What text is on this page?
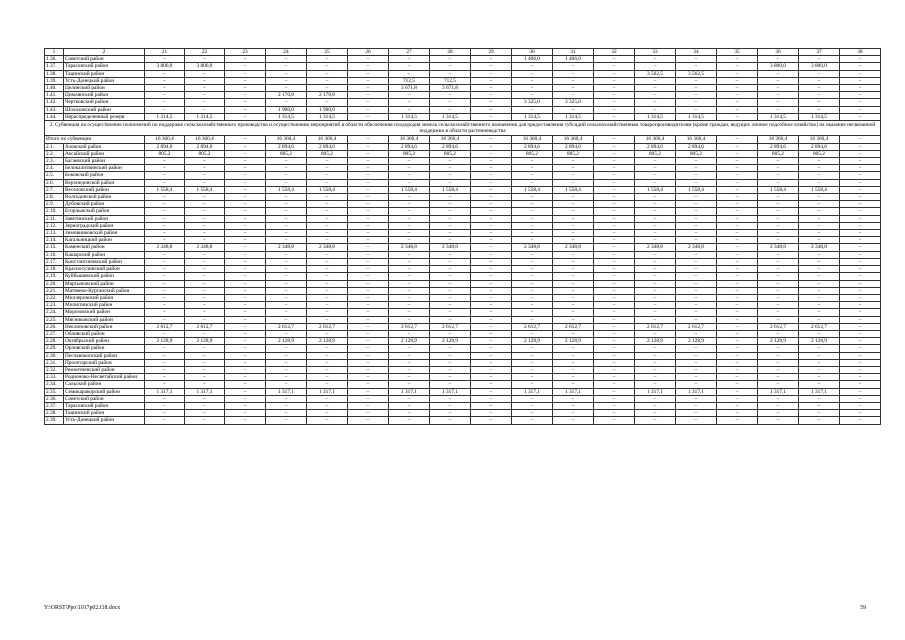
1	2	21	22	23	24	25	26	27	28	29	30	31	32	33	34	35	36	37	38
1.36.	Советский район	–	–	–	–	–	–	–	–	–	1 406,0	1 406,0	–	–	–	–	–	–	–
1.37.	Тарасовский район	3 800,0	3 800,0	–	–	–	–	–	–	–	–	–	–	–	–	–	3 800,0	3 800,0	–
1.38.	Тацинский район	–	–	–	–	–	–	–	–	–	–	–	–	3 562,5	3 562,5	–	–	–	–
1.39.	Усть-Донецкий район	–	–	–	–	–	–	712,5	712,5	–	–	–	–	–	–	–	–	–	–
1.40.	Целинский район	–	–	–	–	–	–	3 671,8	3 671,8	–	–	–	–	–	–	–	–	–	–
1.41.	Цимлянский район	–	–	–	2 170,8	2 170,8	–	–	–	–	–	–	–	–	–	–	–	–	–
1.42.	Чертковский район	–	–	–	–	–	–	–	–	–	3 325,0	3 325,0	–	–	–	–	–	–	–
1.43.	Шолоховский район	–	–	–	1 900,0	1 900,0	–	–	–	–	–	–	–	–	–	–	–	–	–
1.44.	Нераспределенный резерв	1 314,5	1 314,5	–	1 314,5	1 314,5	–	1 314,5	1 314,5	–	1 314,5	1 314,5	–	1 314,5	1 314,5	–	1 314,5	1 314,5	–
2. Субвенция на осуществление полномочий по поддержке сельскохозяйственного производства и осуществлению мероприятий в области обеспечения плодородия земель сельскохозяйственного назначения для предоставления субсидий сельскохозяйственным товаропроизводителям (кроме граждан, ведущих личное подсобное хозяйство) на оказание несвязанной поддержки в области растениеводства																			
Итого по субвенции		16 360,4	16 360,4	–	16 360,4	16 360,4	–	16 360,4	16 360,4	–	16 360,4	16 360,4	–	16 360,4	16 360,4	–	16 360,4	16 360,4	–
2.1.	Азовский район	2 894,6	2 894,6	–	2 894,6	2 894,6	–	2 894,6	2 894,6	–	2 894,6	2 894,6	–	2 894,6	2 894,6	–	2 894,6	2 894,6	–
2.2.	Аксайский район	805,2	805,2	–	805,2	805,2	–	805,2	805,2	–	805,2	805,2	–	805,2	805,2	–	805,2	805,2	–
2.3.	Багаевский район	–	–	–	–	–	–	–	–	–	–	–	–	–	–	–	–	–	–
2.4.	Белокалитвинский район	–	–	–	–	–	–	–	–	–	–	–	–	–	–	–	–	–	–
2.5.	Боковский район	–	–	–	–	–	–	–	–	–	–	–	–	–	–	–	–	–	–
2.6.	Верхнедонской район	–	–	–	–	–	–	–	–	–	–	–	–	–	–	–	–	–	–
2.7.	Веселовский район	1 558,4	1 558,4	–	1 558,4	1 558,4	–	1 558,4	1 558,4	–	1 558,4	1 558,4	–	1 558,4	1 558,4	–	1 558,4	1 558,4	–
2.8.	Волгодонской район	–	–	–	–	–	–	–	–	–	–	–	–	–	–	–	–	–	–
2.9.	Дубовский район	–	–	–	–	–	–	–	–	–	–	–	–	–	–	–	–	–	–
2.10.	Егорлыкский район	–	–	–	–	–	–	–	–	–	–	–	–	–	–	–	–	–	–
2.11.	Заветинский район	–	–	–	–	–	–	–	–	–	–	–	–	–	–	–	–	–	–
2.12.	Зерноградский район	–	–	–	–	–	–	–	–	–	–	–	–	–	–	–	–	–	–
2.13.	Зимовниковский район	–	–	–	–	–	–	–	–	–	–	–	–	–	–	–	–	–	–
2.14.	Кагальницкий район	–	–	–	–	–	–	–	–	–	–	–	–	–	–	–	–	–	–
2.15.	Каменский район	2 348,8	2 348,8	–	2 348,8	2 348,8	–	2 348,8	2 348,8	–	2 348,8	2 348,8	–	2 348,8	2 348,8	–	2 348,8	2 348,8	–
2.16.	Кашарский район	–	–	–	–	–	–	–	–	–	–	–	–	–	–	–	–	–	–
2.17.	Константиновский район	–	–	–	–	–	–	–	–	–	–	–	–	–	–	–	–	–	–
2.18.	Красносулинский район	–	–	–	–	–	–	–	–	–	–	–	–	–	–	–	–	–	–
2.19.	Куйбышевский район	–	–	–	–	–	–	–	–	–	–	–	–	–	–	–	–	–	–
2.20.	Мартыновский район	–	–	–	–	–	–	–	–	–	–	–	–	–	–	–	–	–	–
2.21.	Матвеево-Курганский район	–	–	–	–	–	–	–	–	–	–	–	–	–	–	–	–	–	–
2.22.	Миллеровский район	–	–	–	–	–	–	–	–	–	–	–	–	–	–	–	–	–	–
2.23.	Милютинский район	–	–	–	–	–	–	–	–	–	–	–	–	–	–	–	–	–	–
2.24.	Морозовский район	–	–	–	–	–	–	–	–	–	–	–	–	–	–	–	–	–	–
2.25.	Мясниковский район	–	–	–	–	–	–	–	–	–	–	–	–	–	–	–	–	–	–
2.26.	Неклиновский район	2 612,7	2 612,7	–	2 612,7	2 612,7	–	2 612,7	2 612,7	–	2 612,7	2 612,7	–	2 612,7	2 612,7	–	2 612,7	2 612,7	–
2.27.	Обливский район	–	–	–	–	–	–	–	–	–	–	–	–	–	–	–	–	–	–
2.28.	Октябрьский район	2 128,9	2 128,9	–	2 128,9	2 128,9	–	2 128,9	2 128,9	–	2 128,9	2 128,9	–	2 128,9	2 128,9	–	2 128,9	2 128,9	–
2.29.	Орловский район	–	–	–	–	–	–	–	–	–	–	–	–	–	–	–	–	–	–
2.30.	Песчанокопский район	–	–	–	–	–	–	–	–	–	–	–	–	–	–	–	–	–	–
2.31.	Пролетарский район	–	–	–	–	–	–	–	–	–	–	–	–	–	–	–	–	–	–
2.32.	Ремонтненский район	–	–	–	–	–	–	–	–	–	–	–	–	–	–	–	–	–	–
2.33.	Родионово-Несветайский район	–	–	–	–	–	–	–	–	–	–	–	–	–	–	–	–	–	–
2.34.	Сальский район	–	–	–	–	–	–	–	–	–	–	–	–	–	–	–	–	–	–
2.35.	Семикаракорский район	1 317,1	1 317,1	–	1 317,1	1 317,1	–	1 317,1	1 317,1	–	1 317,1	1 317,1	–	1 317,1	1 317,1	–	1 317,1	1 317,1	–
2.36.	Советский район	–	–	–	–	–	–	–	–	–	–	–	–	–	–	–	–	–	–
2.37.	Тарасовский район	–	–	–	–	–	–	–	–	–	–	–	–	–	–	–	–	–	–
2.38.	Тацинский район	–	–	–	–	–	–	–	–	–	–	–	–	–	–	–	–	–	–
2.39.	Усть-Донецкий район	–	–	–	–	–	–	–	–	–	–	–	–	–	–	–	–	–	–
Y:\ORST\Ppo\1017p02.f18.docx	59
